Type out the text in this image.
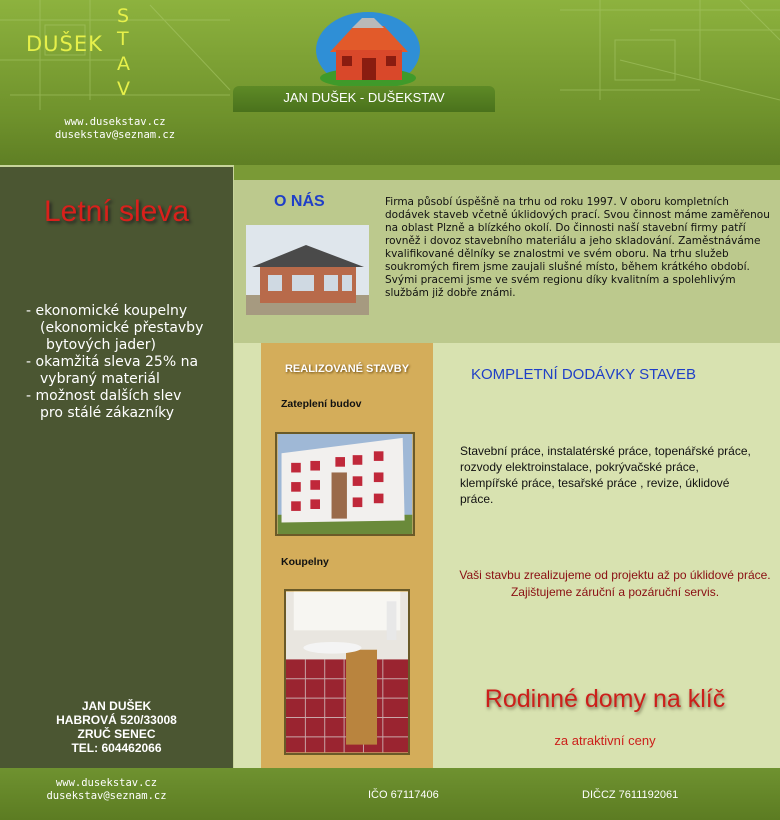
DUŠEK
S
T
A
V	JAN DUŠEK - DUŠEKSTAV
www.dusekstav.cz
dusekstav@seznam.cz
Letní sleva
- ekonomické koupelny
(ekonomické přestavby
bytových jader)
- okamžitá sleva 25% na
vybraný materiál
- možnost dalších slev
pro stálé zákazníky
JAN DUŠEK
HABROVÁ 520/33008
ZRUČ SENEC
TEL: 604462066
O NÁS	Firma působí úspěšně na trhu od roku 1997. V oboru kompletních dodávek staveb včetně úklidových prací. Svou činnost máme zaměřenou na oblast Plzně a blízkého okolí. Do činnosti naší stavební firmy patří rovněž i dovoz stavebního materiálu a jeho skladování. Zaměstnáváme kvalifikované dělníky se znalostmi ve svém oboru. Na trhu služeb soukromých firem jsme zaujali slušné místo, během krátkého období. Svými pracemi jsme ve svém regionu díky kvalitním a spolehlivým službám již dobře známi.
REALIZOVANÉ STAVBY
Zateplení budov
Koupelny
KOMPLETNÍ DODÁVKY STAVEB
Stavební práce, instalatérské práce, topenářské práce, rozvody elektroinstalace, pokrývačské práce, klempířské práce, tesařské práce , revize, úklidové práce.
Vaši stavbu zrealizujeme od projektu až po úklidové práce. Zajištujeme záruční a pozáruční servis.
Rodinné domy na klíč
za atraktivní ceny
www.dusekstav.cz
dusekstav@seznam.cz	IČO 67117406	DIČCZ 7611192061
